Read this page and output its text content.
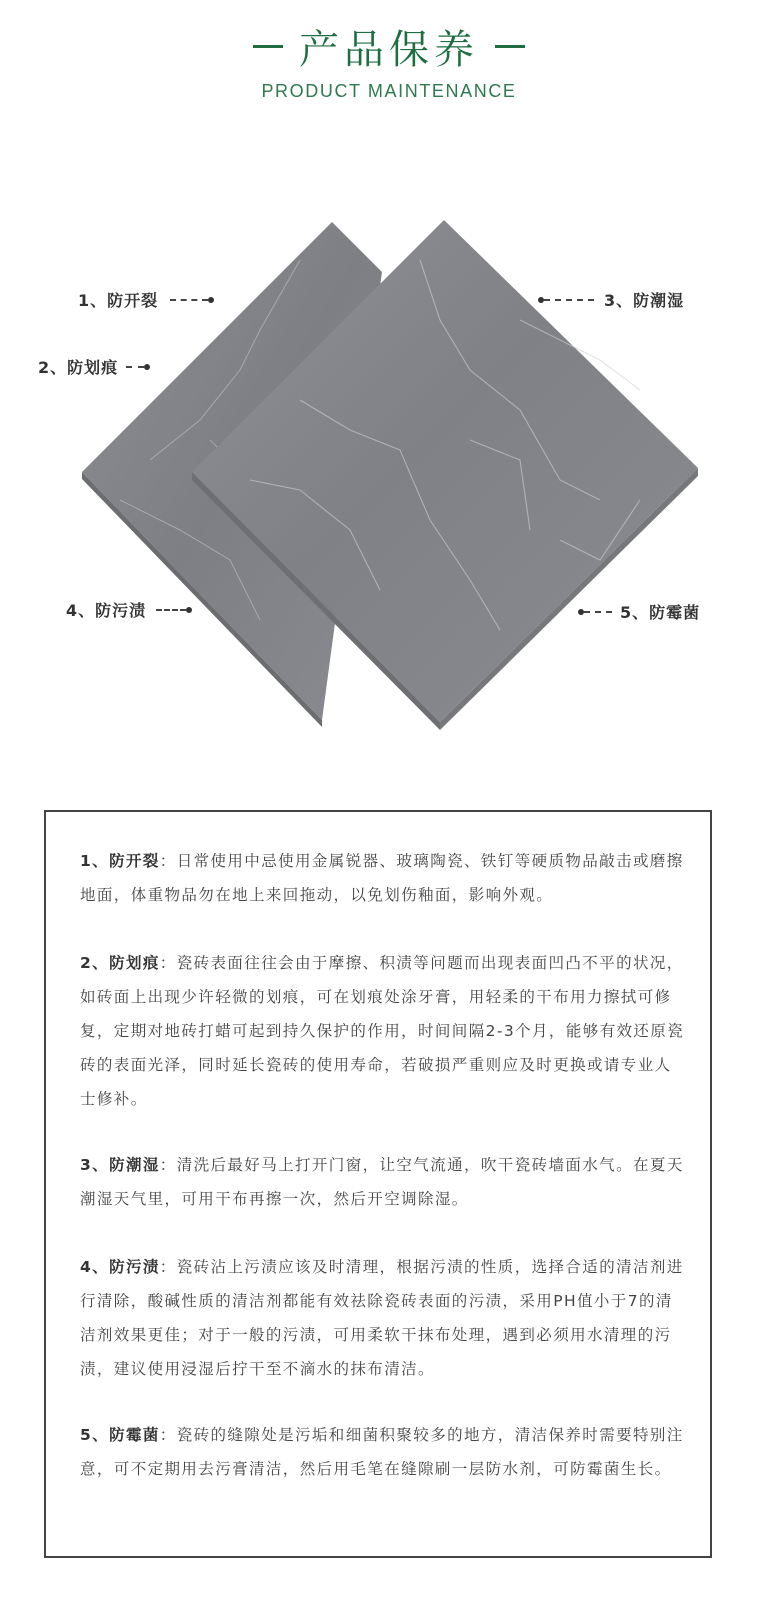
产品保养
PRODUCT MAINTENANCE
1、防开裂
2、防划痕
3、防潮湿
4、防污渍	5、防霉菌
1、防开裂：日常使用中忌使用金属锐器、玻璃陶瓷、铁钉等硬质物品敲击或磨擦地面，体重物品勿在地上来回拖动，以免划伤釉面，影响外观。
2、防划痕：瓷砖表面往往会由于摩擦、积渍等问题而出现表面凹凸不平的状况，如砖面上出现少许轻微的划痕，可在划痕处涂牙膏，用轻柔的干布用力擦拭可修复，定期对地砖打蜡可起到持久保护的作用，时间间隔2-3个月，能够有效还原瓷砖的表面光泽，同时延长瓷砖的使用寿命，若破损严重则应及时更换或请专业人士修补。
3、防潮湿：清洗后最好马上打开门窗，让空气流通，吹干瓷砖墙面水气。在夏天潮湿天气里，可用干布再擦一次，然后开空调除湿。
4、防污渍：瓷砖沾上污渍应该及时清理，根据污渍的性质，选择合适的清洁剂进行清除，酸碱性质的清洁剂都能有效祛除瓷砖表面的污渍，采用PH值小于7的清洁剂效果更佳；对于一般的污渍，可用柔软干抹布处理，遇到必须用水清理的污渍，建议使用浸湿后拧干至不滴水的抹布清洁。
5、防霉菌：瓷砖的缝隙处是污垢和细菌积聚较多的地方，清洁保养时需要特别注意，可不定期用去污膏清洁，然后用毛笔在缝隙刷一层防水剂，可防霉菌生长。
